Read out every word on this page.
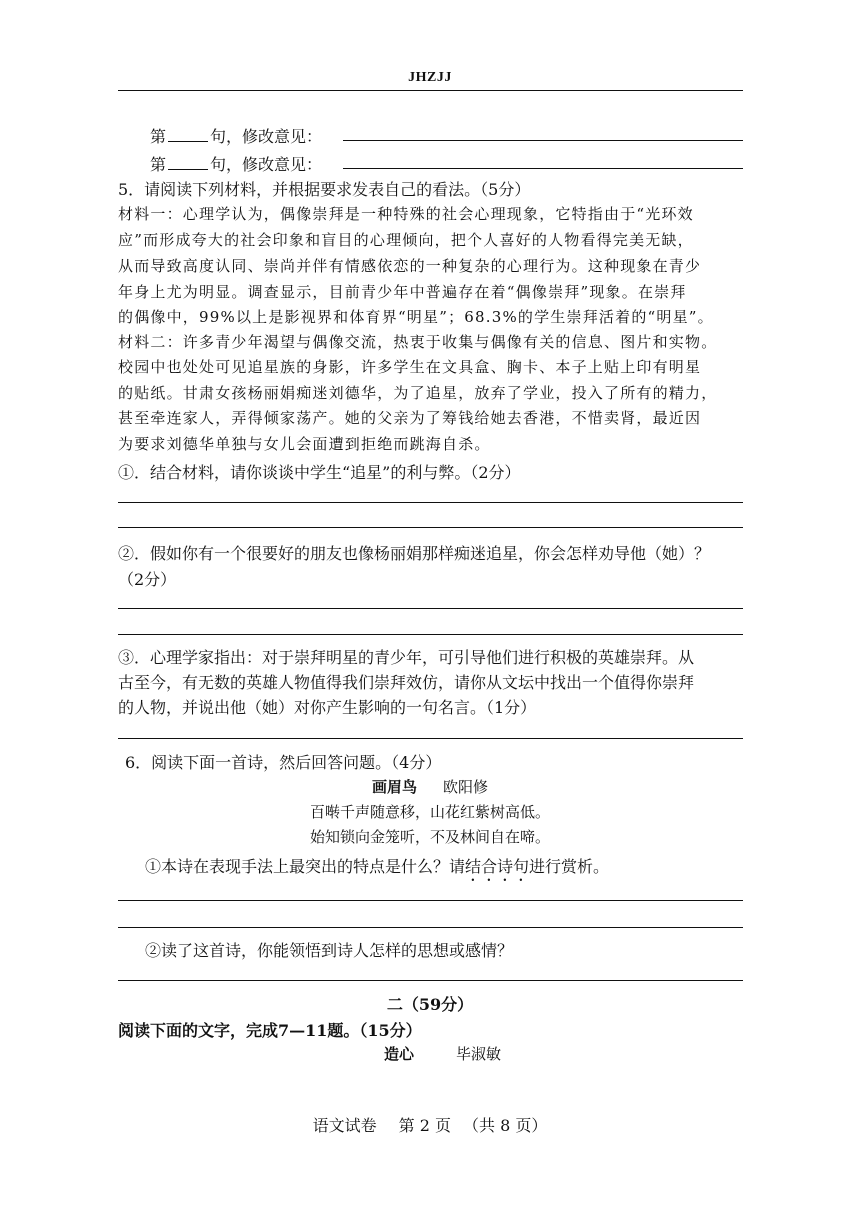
JHZJJ
第	句，修改意见：
第	句，修改意见：
5．请阅读下列材料，并根据要求发表自己的看法。（5分）
材料一：心理学认为，偶像崇拜是一种特殊的社会心理现象，它特指由于“光环效
应”而形成夸大的社会印象和盲目的心理倾向，把个人喜好的人物看得完美无缺，
从而导致高度认同、崇尚并伴有情感依恋的一种复杂的心理行为。这种现象在青少
年身上尤为明显。调查显示，目前青少年中普遍存在着“偶像崇拜”现象。在崇拜
的偶像中，99%以上是影视界和体育界“明星”；68.3%的学生崇拜活着的“明星”。
材料二：许多青少年渴望与偶像交流，热衷于收集与偶像有关的信息、图片和实物。
校园中也处处可见追星族的身影，许多学生在文具盒、胸卡、本子上贴上印有明星
的贴纸。甘肃女孩杨丽娟痴迷刘德华，为了追星，放弃了学业，投入了所有的精力，
甚至牵连家人，弄得倾家荡产。她的父亲为了筹钱给她去香港，不惜卖肾，最近因
为要求刘德华单独与女儿会面遭到拒绝而跳海自杀。
①．结合材料，请你谈谈中学生“追星”的利与弊。（2分）
②．假如你有一个很要好的朋友也像杨丽娟那样痴迷追星，你会怎样劝导他（她）？
（2分）
③．心理学家指出：对于崇拜明星的青少年，可引导他们进行积极的英雄崇拜。从
古至今，有无数的英雄人物值得我们崇拜效仿，请你从文坛中找出一个值得你崇拜
的人物，并说出他（她）对你产生影响的一句名言。（1分）
6．阅读下面一首诗，然后回答问题。（4分）
画眉鸟 欧阳修
百啭千声随意移，山花红紫树高低。
始知锁向金笼听，不及林间自在啼。
①本诗在表现手法上最突出的特点是什么？请结合诗句进行赏析。
②读了这首诗，你能领悟到诗人怎样的思想或感情？
二（59分）
阅读下面的文字，完成7—11题。（15分）
造心	毕淑敏
语文试卷 第 2 页 （共 8 页）
